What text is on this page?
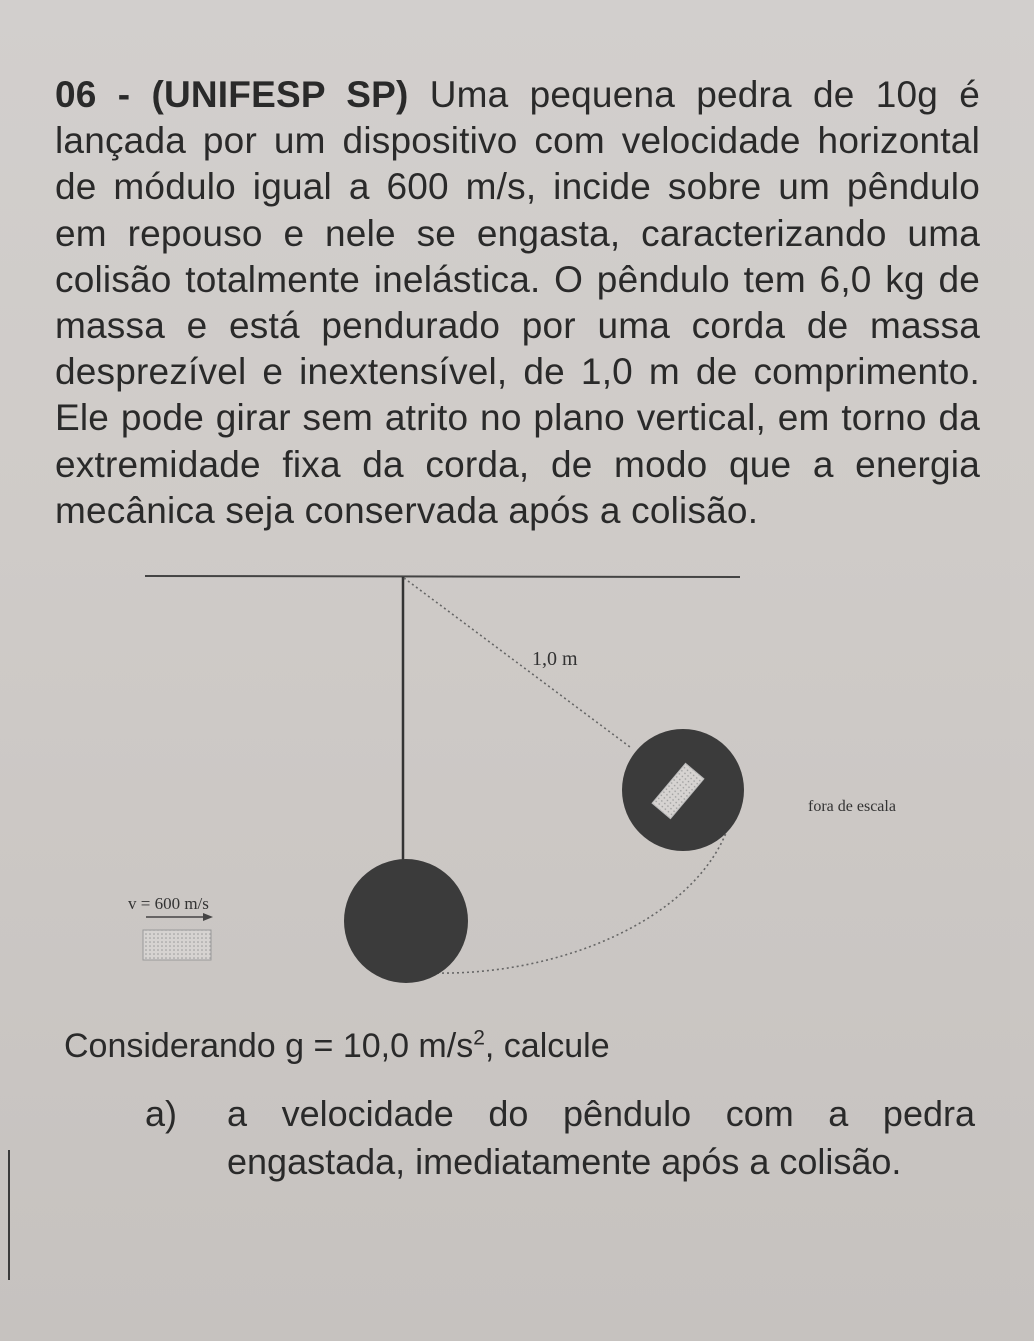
06 - (UNIFESP SP) Uma pequena pedra de 10g é lançada por um dispositivo com velocidade horizontal de módulo igual a 600 m/s, incide sobre um pêndulo em repouso e nele se engasta, caracterizando uma colisão totalmente inelástica. O pêndulo tem 6,0 kg de massa e está pendurado por uma corda de massa desprezível e inextensível, de 1,0 m de comprimento. Ele pode girar sem atrito no plano vertical, em torno da extremidade fixa da corda, de modo que a energia mecânica seja conservada após a colisão.
1,0 m
fora de escala
v = 600 m/s
Considerando g = 10,0 $m/s^2$, calcule
a) a velocidade do pêndulo com a pedra
engastada, imediatamente após a colisão.
